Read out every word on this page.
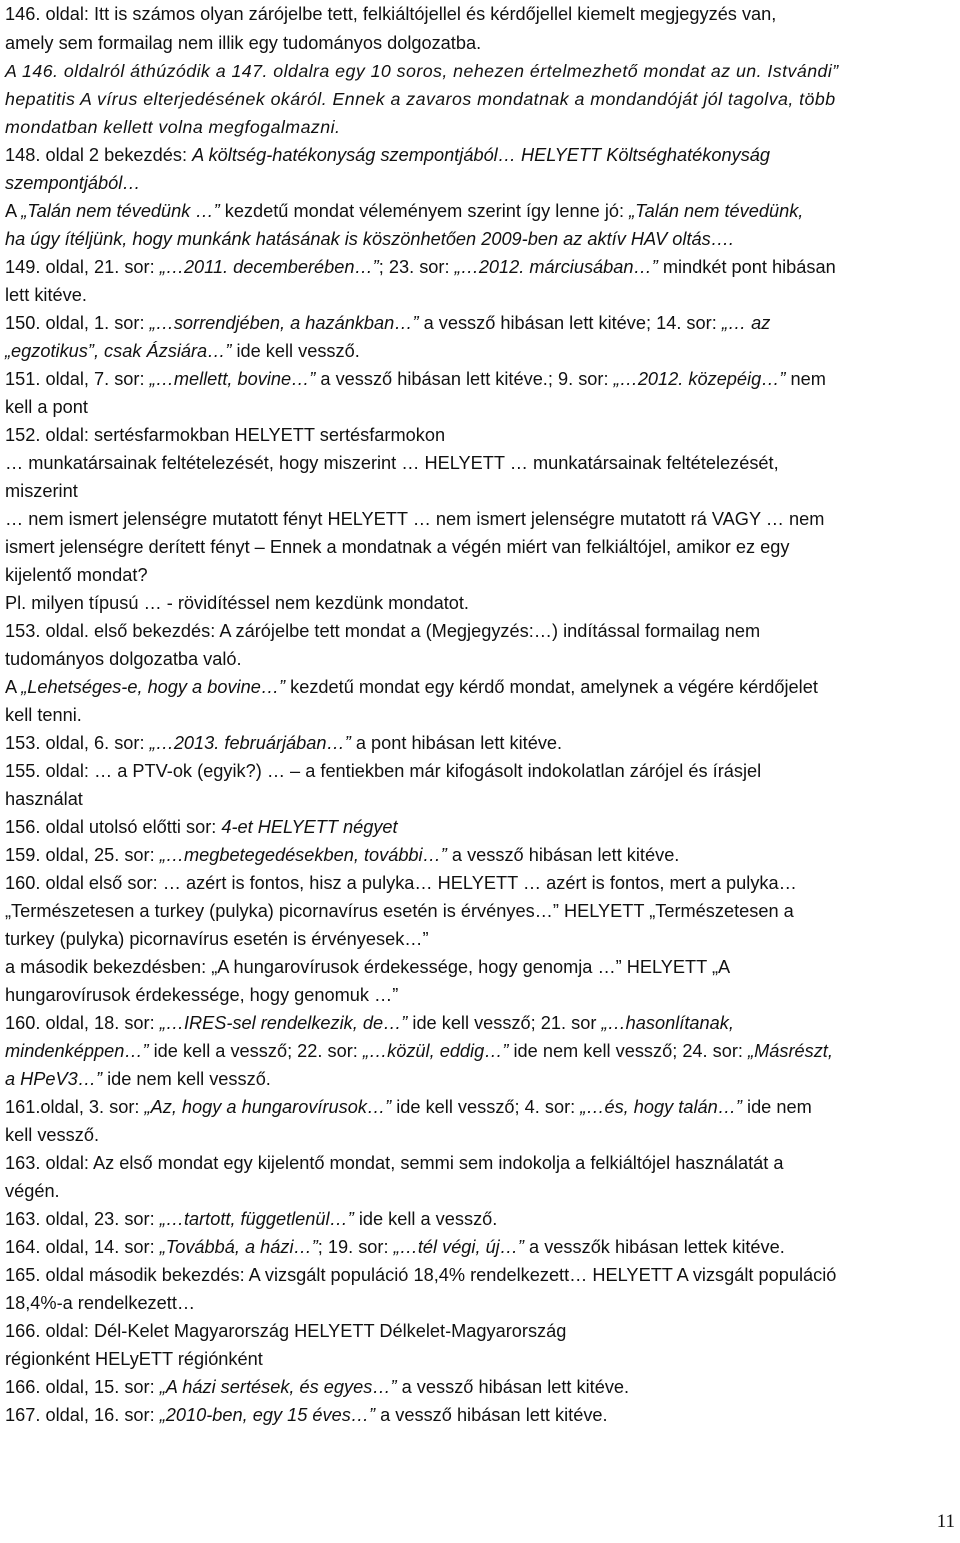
146. oldal: Itt is számos olyan zárójelbe tett, felkiáltójellel és kérdőjellel kiemelt megjegyzés van,

amely sem formailag nem illik egy tudományos dolgozatba.

A 146. oldalról áthúzódik a 147. oldalra egy 10 soros, nehezen értelmezhető mondat az un. Istvándi”

hepatitis A vírus elterjedésének okáról. Ennek a zavaros mondatnak a mondandóját jól tagolva, több

mondatban kellett volna megfogalmazni.

148. oldal 2 bekezdés: A költség-hatékonyság szempontjából… HELYETT Költséghatékonyság

szempontjából…

A „Talán nem tévedünk …” kezdetű mondat véleményem szerint így lenne jó: „Talán nem tévedünk,

ha úgy ítéljünk, hogy munkánk hatásának is köszönhetően 2009-ben az aktív HAV oltás….

149. oldal, 21. sor: „…2011. decemberében…”; 23. sor: „…2012. márciusában…” mindkét pont hibásan

lett kitéve.

150. oldal, 1. sor: „…sorrendjében, a hazánkban…” a vessző hibásan lett kitéve; 14. sor: „… az

„egzotikus”, csak Ázsiára…” ide kell vessző.

151. oldal, 7. sor: „…mellett, bovine…” a vessző hibásan lett kitéve.; 9. sor: „…2012. közepéig…” nem

kell a pont

152. oldal: sertésfarmokban HELYETT sertésfarmokon

… munkatársainak feltételezését, hogy miszerint … HELYETT … munkatársainak feltételezését,

miszerint

… nem ismert jelenségre mutatott fényt HELYETT … nem ismert jelenségre mutatott rá VAGY … nem

ismert jelenségre derített fényt – Ennek a mondatnak a végén miért van felkiáltójel, amikor ez egy

kijelentő mondat?

Pl. milyen típusú … - rövidítéssel nem kezdünk mondatot.

153. oldal. első bekezdés: A zárójelbe tett mondat a (Megjegyzés:…) indítással formailag nem

tudományos dolgozatba való.

A „Lehetséges-e, hogy a bovine…” kezdetű mondat egy kérdő mondat, amelynek a végére kérdőjelet

kell tenni.

153. oldal, 6. sor: „…2013. februárjában…” a pont hibásan lett kitéve.

155. oldal: … a PTV-ok (egyik?) … – a fentiekben már kifogásolt indokolatlan zárójel és írásjel

használat

156. oldal utolsó előtti sor: 4-et HELYETT négyet

159. oldal, 25. sor: „…megbetegedésekben, további…” a vessző hibásan lett kitéve.

160. oldal első sor: … azért is fontos, hisz a pulyka… HELYETT … azért is fontos, mert a pulyka…

„Természetesen a turkey (pulyka) picornavírus esetén is érvényes…” HELYETT „Természetesen a

turkey (pulyka) picornavírus esetén is érvényesek…”

a második bekezdésben: „A hungarovírusok érdekessége, hogy genomja …” HELYETT „A

hungarovírusok érdekessége, hogy genomuk …”

160. oldal, 18. sor: „…IRES-sel rendelkezik, de…” ide kell vessző; 21. sor „…hasonlítanak,

mindenképpen…” ide kell a vessző; 22. sor: „…közül, eddig…” ide nem kell vessző; 24. sor: „Másrészt,

a HPeV3…” ide nem kell vessző.

161.oldal, 3. sor: „Az, hogy a hungarovírusok…” ide kell vessző; 4. sor: „…és, hogy talán…” ide nem

kell vessző.

163. oldal: Az első mondat egy kijelentő mondat, semmi sem indokolja a felkiáltójel használatát a

végén.

163. oldal, 23. sor: „…tartott, függetlenül…” ide kell a vessző.

164. oldal, 14. sor: „Továbbá, a házi…”; 19. sor: „…tél végi, új…” a vesszők hibásan lettek kitéve.

165. oldal második bekezdés: A vizsgált populáció 18,4% rendelkezett… HELYETT A vizsgált populáció

18,4%-a rendelkezett…

166. oldal: Dél-Kelet Magyarország HELYETT Délkelet-Magyarország

régionként HELyETT régiónként

166. oldal, 15. sor: „A házi sertések, és egyes…” a vessző hibásan lett kitéve.

167. oldal, 16. sor: „2010-ben, egy 15 éves…” a vessző hibásan lett kitéve.

11
